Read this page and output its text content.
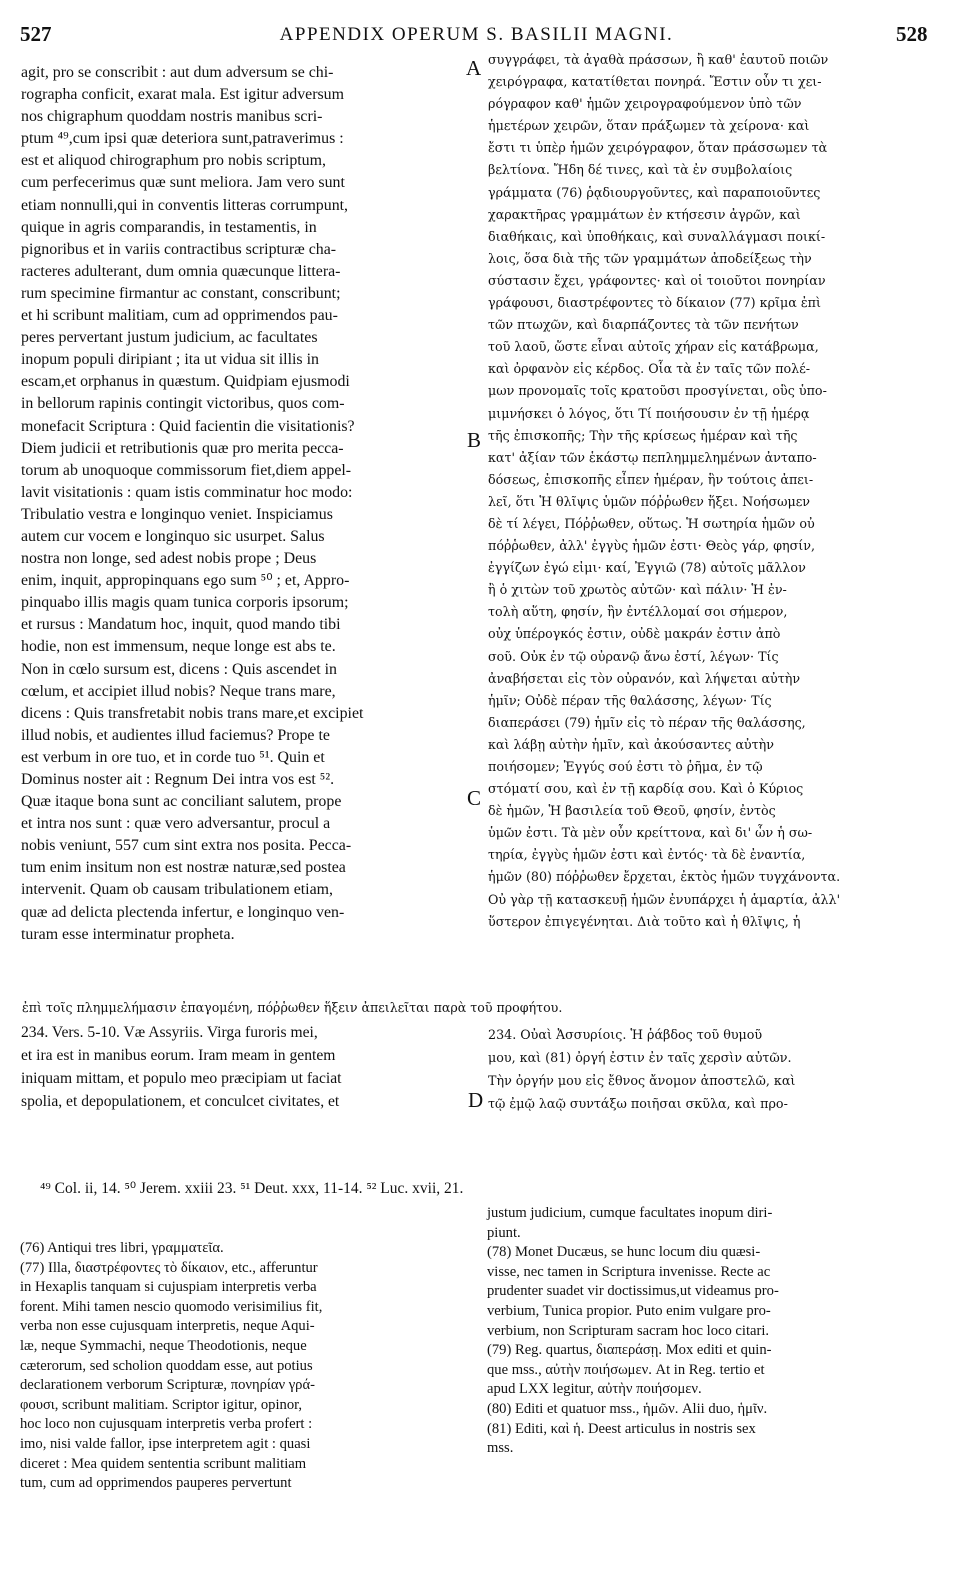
527	APPENDIX OPERUM S. BASILII MAGNI.	528
A
B
C
D
agit, pro se conscribit : aut dum adversum se chi-
rographa conficit, exarat mala. Est igitur adversum
nos chigraphum quoddam nostris manibus scri-
ptum ⁴⁹,cum ipsi quæ deteriora sunt,patraverimus :
est et aliquod chirographum pro nobis scriptum,
cum perfecerimus quæ sunt meliora. Jam vero sunt
etiam nonnulli,qui in conventis litteras corrumpunt,
quique in agris comparandis, in testamentis, in
pignoribus et in variis contractibus scripturæ cha-
racteres adulterant, dum omnia quæcunque littera-
rum specimine firmantur ac constant, conscribunt;
et hi scribunt malitiam, cum ad opprimendos pau-
peres pervertant justum judicium, ac facultates
inopum populi diripiant ; ita ut vidua sit illis in
escam,et orphanus in quæstum. Quidpiam ejusmodi
in bellorum rapinis contingit victoribus, quos com-
monefacit Scriptura : Quid facientin die visitationis?
Diem judicii et retributionis quæ pro merita pecca-
torum ab unoquoque commissorum fiet,diem appel-
lavit visitationis : quam istis comminatur hoc modo:
Tribulatio vestra e longinquo veniet. Inspiciamus
autem cur vocem e longinquo sic usurpet. Salus
nostra non longe, sed adest nobis prope ; Deus
enim, inquit, appropinquans ego sum ⁵⁰ ; et, Appro-
pinquabo illis magis quam tunica corporis ipsorum;
et rursus : Mandatum hoc, inquit, quod mando tibi
hodie, non est immensum, neque longe est abs te.
Non in cœlo sursum est, dicens : Quis ascendet in
cœlum, et accipiet illud nobis? Neque trans mare,
dicens : Quis transfretabit nobis trans mare,et excipiet
illud nobis, et audientes illud faciemus? Prope te
est verbum in ore tuo, et in corde tuo ⁵¹. Quin et
Dominus noster ait : Regnum Dei intra vos est ⁵².
Quæ itaque bona sunt ac conciliant salutem, prope
et intra nos sunt : quæ vero adversantur, procul a
nobis veniunt, 557 cum sint extra nos posita. Pecca-
tum enim insitum non est nostræ naturæ,sed postea
intervenit. Quam ob causam tribulationem etiam,
quæ ad delicta plectenda infertur, e longinquo ven-
turam esse interminatur propheta.
συγγράφει, τὰ ἀγαθὰ πράσσων, ἢ καθ' ἑαυτοῦ ποιῶν
χειρόγραφα, κατατίθεται πονηρά. Ἔστιν οὖν τι χει-
ρόγραφον καθ' ἡμῶν χειρογραφούμενον ὑπὸ τῶν
ἡμετέρων χειρῶν, ὅταν πράξωμεν τὰ χείρονα· καὶ
ἔστι τι ὑπὲρ ἡμῶν χειρόγραφον, ὅταν πράσσωμεν τὰ
βελτίονα. Ἤδη δέ τινες, καὶ τὰ ἐν συμβολαίοις
γράμματα (76) ῥᾳδιουργοῦντες, καὶ παραποιοῦντες
χαρακτῆρας γραμμάτων ἐν κτήσεσιν ἀγρῶν, καὶ
διαθήκαις, καὶ ὑποθήκαις, καὶ συναλλάγμασι ποικί-
λοις, ὅσα διὰ τῆς τῶν γραμμάτων ἀποδείξεως τὴν
σύστασιν ἔχει, γράφοντες· καὶ οἱ τοιοῦτοι πονηρίαν
γράφουσι, διαστρέφοντες τὸ δίκαιον (77) κρῖμα ἐπὶ
τῶν πτωχῶν, καὶ διαρπάζοντες τὰ τῶν πενήτων
τοῦ λαοῦ, ὥστε εἶναι αὐτοῖς χήραν εἰς κατάβρωμα,
καὶ ὀρφανὸν εἰς κέρδος. Οἷα τὰ ἐν ταῖς τῶν πολέ-
μων προνομαῖς τοῖς κρατοῦσι προσγίνεται, οὓς ὑπο-
μιμνήσκει ὁ λόγος, ὅτι Τί ποιήσουσιν ἐν τῇ ἡμέρᾳ
τῆς ἐπισκοπῆς; Τὴν τῆς κρίσεως ἡμέραν καὶ τῆς
κατ' ἀξίαν τῶν ἑκάστῳ πεπλημμελημένων ἀνταπο-
δόσεως, ἐπισκοπῆς εἶπεν ἡμέραν, ἣν τούτοις ἀπει-
λεῖ, ὅτι Ἡ θλῖψις ὑμῶν πόῤῥωθεν ἥξει. Νοήσωμεν
δὲ τί λέγει, Πόῤῥωθεν, οὕτως. Ἡ σωτηρία ἡμῶν οὐ
πόῤῥωθεν, ἀλλ' ἐγγὺς ἡμῶν ἐστι· Θεὸς γάρ, φησίν,
ἐγγίζων ἐγώ εἰμι· καί, Ἐγγιῶ (78) αὐτοῖς μᾶλλον
ἢ ὁ χιτὼν τοῦ χρωτὸς αὐτῶν· καὶ πάλιν· Ἡ ἐν-
τολὴ αὕτη, φησίν, ἣν ἐντέλλομαί σοι σήμερον,
οὐχ ὑπέρογκός ἐστιν, οὐδὲ μακράν ἐστιν ἀπὸ
σοῦ. Οὐκ ἐν τῷ οὐρανῷ ἄνω ἐστί, λέγων· Τίς
ἀναβήσεται εἰς τὸν οὐρανόν, καὶ λήψεται αὐτὴν
ἡμῖν; Οὐδὲ πέραν τῆς θαλάσσης, λέγων· Τίς
διαπεράσει (79) ἡμῖν εἰς τὸ πέραν τῆς θαλάσσης,
καὶ λάβῃ αὐτὴν ἡμῖν, καὶ ἀκούσαντες αὐτὴν
ποιήσομεν; Ἐγγύς σού ἐστι τὸ ῥῆμα, ἐν τῷ
στόματί σου, καὶ ἐν τῇ καρδίᾳ σου. Καὶ ὁ Κύριος
δὲ ἡμῶν, Ἡ βασιλεία τοῦ Θεοῦ, φησίν, ἐντὸς
ὑμῶν ἐστι. Τὰ μὲν οὖν κρείττονα, καὶ δι' ὧν ἡ σω-
τηρία, ἐγγὺς ἡμῶν ἐστι καὶ ἐντός· τὰ δὲ ἐναντία,
ἡμῶν (80) πόῤῥωθεν ἔρχεται, ἐκτὸς ἡμῶν τυγχάνοντα.
Οὐ γὰρ τῇ κατασκευῇ ἡμῶν ἐνυπάρχει ἡ ἁμαρτία, ἀλλ'
ὕστερον ἐπιγεγένηται. Διὰ τοῦτο καὶ ἡ θλῖψις, ἡ
ἐπὶ τοῖς πλημμελήμασιν ἐπαγομένη, πόῤῥωθεν ἥξειν ἀπειλεῖται παρὰ τοῦ προφήτου.
234. Vers. 5-10. Væ Assyriis. Virga furoris mei,
et ira est in manibus eorum. Iram meam in gentem
iniquam mittam, et populo meo præcipiam ut faciat
spolia, et depopulationem, et conculcet civitates, et
234. Οὐαὶ Ἀσσυρίοις. Ἡ ῥάβδος τοῦ θυμοῦ
μου, καὶ (81) ὀργή ἐστιν ἐν ταῖς χερσὶν αὐτῶν.
Τὴν ὀργήν μου εἰς ἔθνος ἄνομον ἀποστελῶ, καὶ
τῷ ἐμῷ λαῷ συντάξω ποιῆσαι σκῦλα, καὶ προ-
⁴⁹ Col. ii, 14. ⁵⁰ Jerem. xxiii 23. ⁵¹ Deut. xxx, 11-14. ⁵² Luc. xvii, 21.
(76) Antiqui tres libri, γραμματεῖα.
(77) Illa, διαστρέφοντες τὸ δίκαιον, etc., afferuntur
in Hexaplis tanquam si cujuspiam interpretis verba
forent. Mihi tamen nescio quomodo verisimilius fit,
verba non esse cujusquam interpretis, neque Aqui-
læ, neque Symmachi, neque Theodotionis, neque
cæterorum, sed scholion quoddam esse, aut potius
declarationem verborum Scripturæ, πονηρίαν γρά-
φουσι, scribunt malitiam. Scriptor igitur, opinor,
hoc loco non cujusquam interpretis verba profert :
imo, nisi valde fallor, ipse interpretem agit : quasi
diceret : Mea quidem sententia scribunt malitiam
tum, cum ad opprimendos pauperes pervertunt
justum judicium, cumque facultates inopum diri-
piunt.
(78) Monet Ducæus, se hunc locum diu quæsi-
visse, nec tamen in Scriptura invenisse. Recte ac
prudenter suadet vir doctissimus,ut videamus pro-
verbium, Tunica propior. Puto enim vulgare pro-
verbium, non Scripturam sacram hoc loco citari.
(79) Reg. quartus, διαπεράσῃ. Mox editi et quin-
que mss., αὐτὴν ποιήσωμεν. At in Reg. tertio et
apud LXX legitur, αὐτὴν ποιήσομεν.
(80) Editi et quatuor mss., ἡμῶν. Alii duo, ἡμῖν.
(81) Editi, καὶ ἡ. Deest articulus in nostris sex
mss.
